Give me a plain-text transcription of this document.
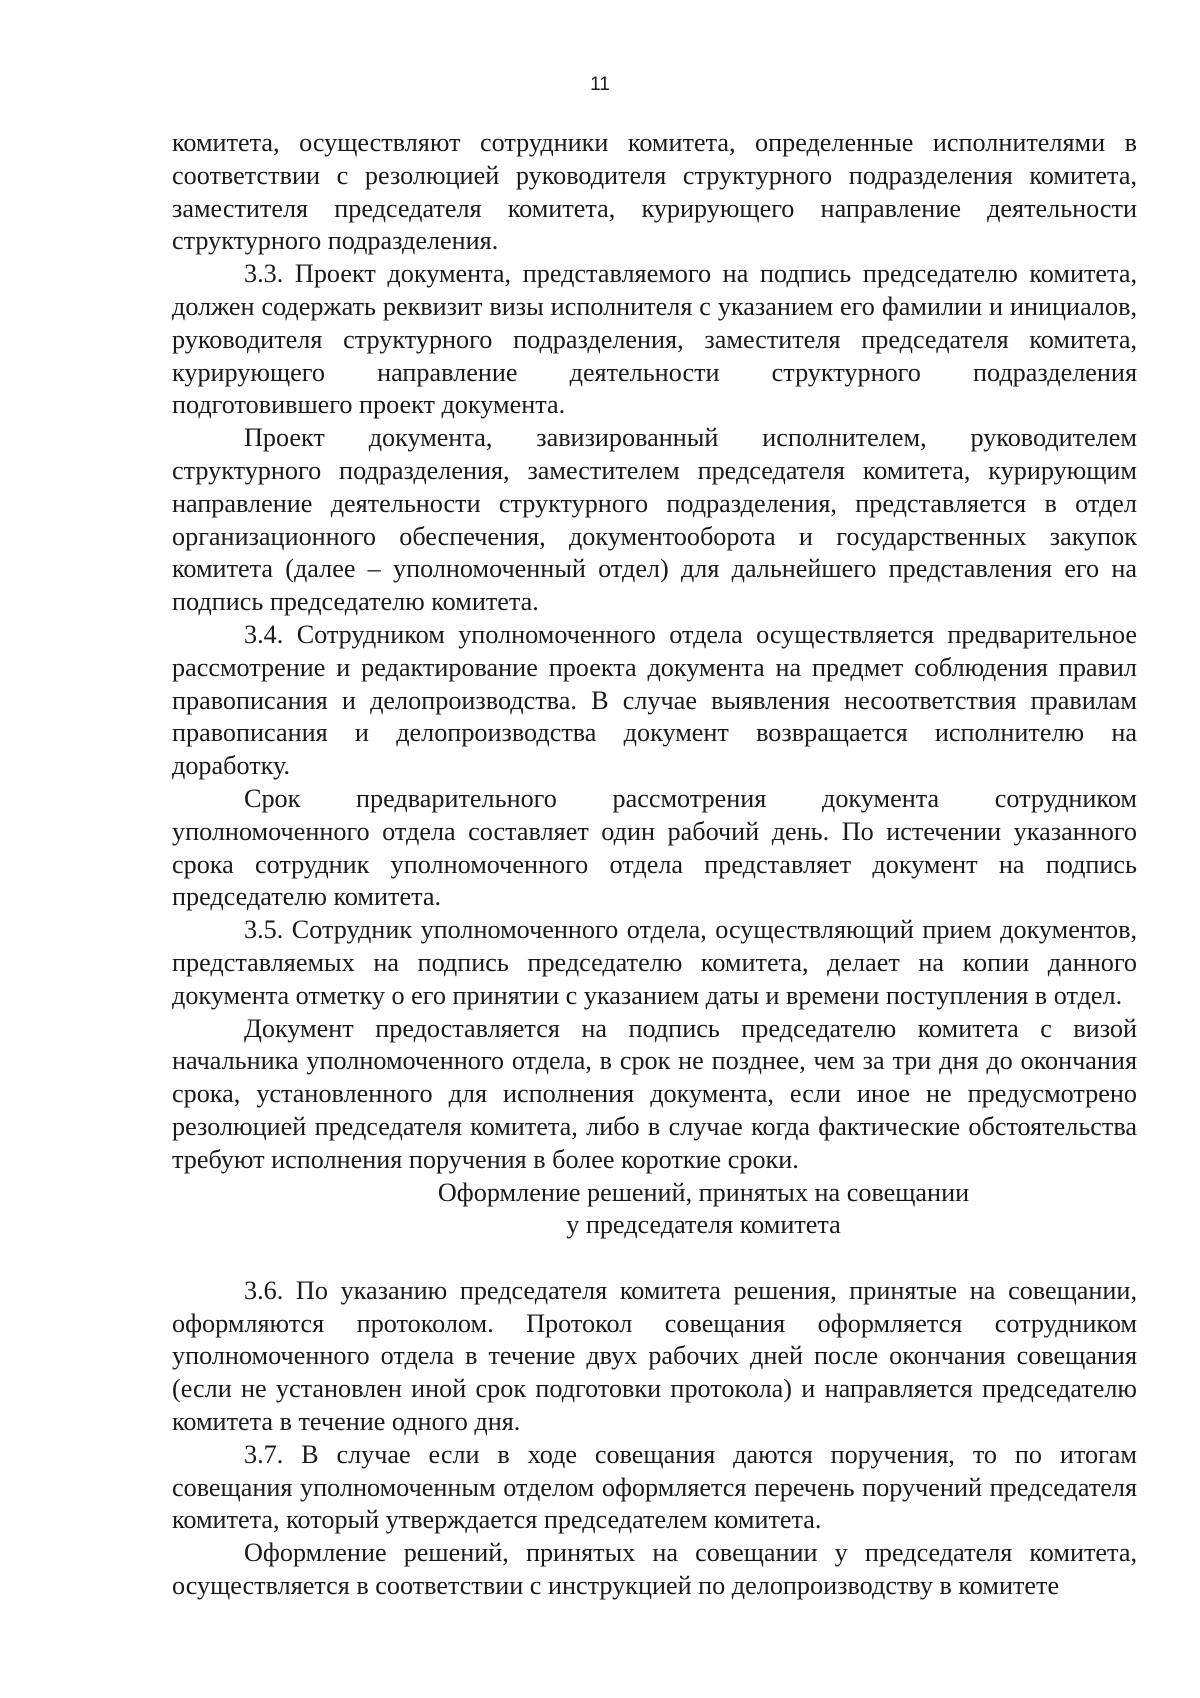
11

комитета, осуществляют сотрудники комитета, определенные исполнителями в соответствии с резолюцией руководителя структурного подразделения комитета, заместителя председателя комитета, курирующего направление деятельности структурного подразделения.

3.3. Проект документа, представляемого на подпись председателю комитета, должен содержать реквизит визы исполнителя с указанием его фамилии и инициалов, руководителя структурного подразделения, заместителя председателя комитета, курирующего направление деятельности структурного подразделения подготовившего проект документа.

Проект документа, завизированный исполнителем, руководителем структурного подразделения, заместителем председателя комитета, курирующим направление деятельности структурного подразделения, представляется в отдел организационного обеспечения, документооборота и государственных закупок комитета (далее – уполномоченный отдел) для дальнейшего представления его на подпись председателю комитета.

3.4. Сотрудником уполномоченного отдела осуществляется предварительное рассмотрение и редактирование проекта документа на предмет соблюдения правил правописания и делопроизводства. В случае выявления несоответствия правилам правописания и делопроизводства документ возвращается исполнителю на доработку.

Срок предварительного рассмотрения документа сотрудником уполномоченного отдела составляет один рабочий день. По истечении указанного срока сотрудник уполномоченного отдела представляет документ на подпись председателю комитета.

3.5. Сотрудник уполномоченного отдела, осуществляющий прием документов, представляемых на подпись председателю комитета, делает на копии данного документа отметку о его принятии с указанием даты и времени поступления в отдел.

Документ предоставляется на подпись председателю комитета с визой начальника уполномоченного отдела, в срок не позднее, чем за три дня до окончания срока, установленного для исполнения документа, если иное не предусмотрено резолюцией председателя комитета, либо в случае когда фактические обстоятельства требуют исполнения поручения в более короткие сроки.

Оформление решений, принятых на совещании

у председателя комитета

3.6. По указанию председателя комитета решения, принятые на совещании, оформляются протоколом. Протокол совещания оформляется сотрудником уполномоченного отдела в течение двух рабочих дней после окончания совещания (если не установлен иной срок подготовки протокола) и направляется председателю комитета в течение одного дня.

3.7. В случае если в ходе совещания даются поручения, то по итогам совещания уполномоченным отделом оформляется перечень поручений председателя комитета, который утверждается председателем комитета.

Оформление решений, принятых на совещании у председателя комитета, осуществляется в соответствии с инструкцией по делопроизводству в комитете
